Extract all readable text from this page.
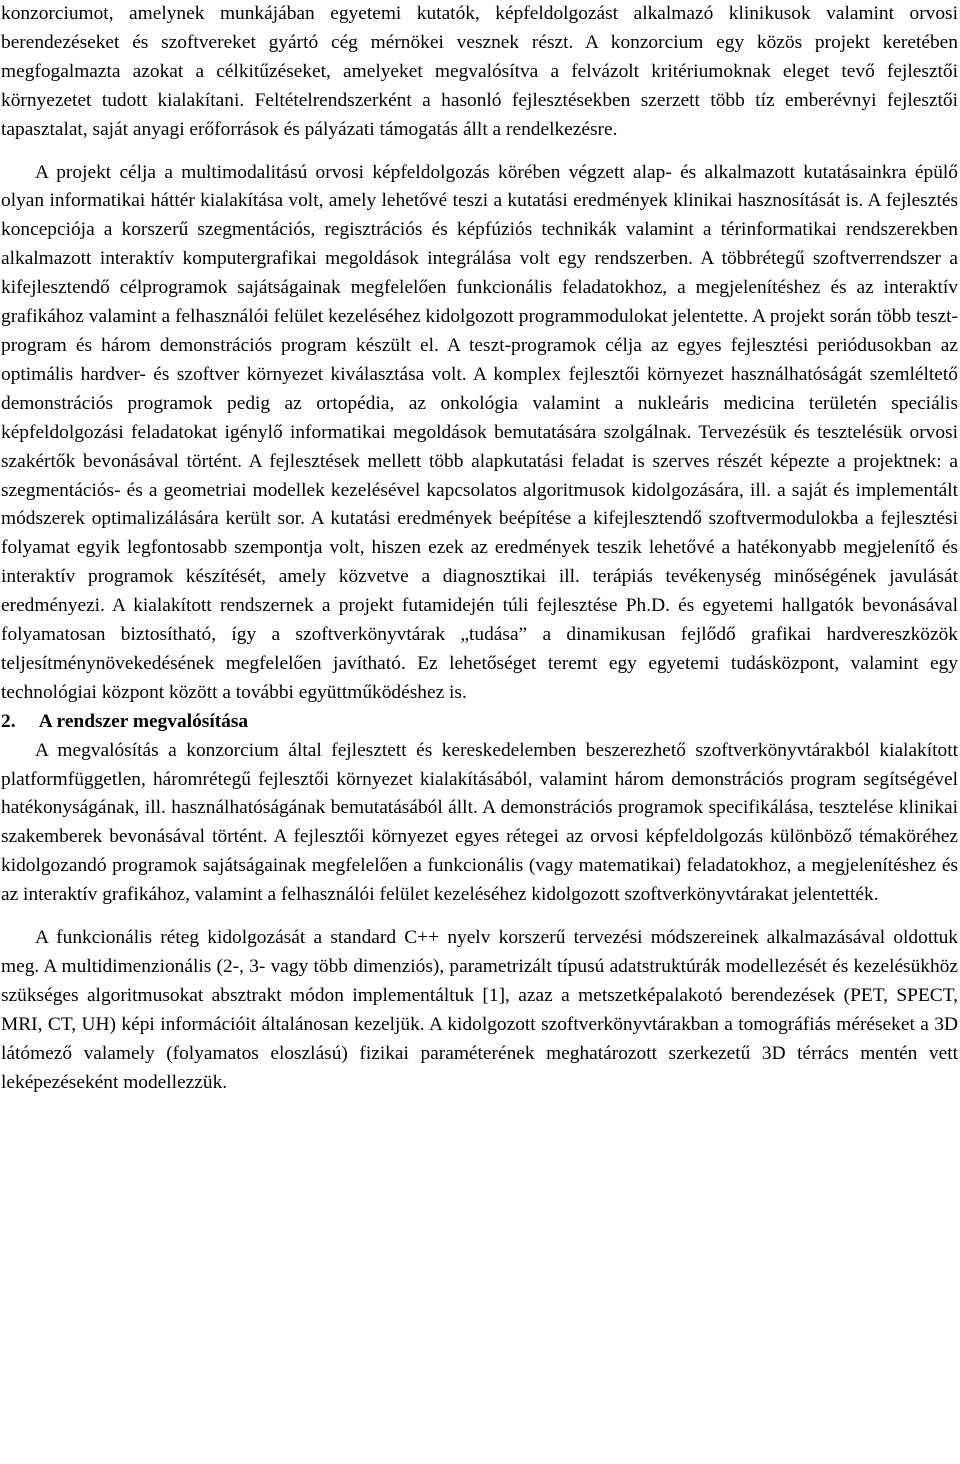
konzorciumot, amelynek munkájában egyetemi kutatók, képfeldolgozást alkalmazó klinikusok valamint orvosi berendezéseket és szoftvereket gyártó cég mérnökei vesznek részt. A konzorcium egy közös projekt keretében megfogalmazta azokat a célkitűzéseket, amelyeket megvalósítva a felvázolt kritériumoknak eleget tevő fejlesztői környezetet tudott kialakítani. Feltételrendszerként a hasonló fejlesztésekben szerzett több tíz emberévnyi fejlesztői tapasztalat, saját anyagi erőforrások és pályázati támogatás állt a rendelkezésre.

A projekt célja a multimodalitású orvosi képfeldolgozás körében végzett alap- és alkalmazott kutatásainkra épülő olyan informatikai háttér kialakítása volt, amely lehetővé teszi a kutatási eredmények klinikai hasznosítását is. A fejlesztés koncepciója a korszerű szegmentációs, regisztrációs és képfúziós technikák valamint a térinformatikai rendszerekben alkalmazott interaktív komputergrafikai megoldások integrálása volt egy rendszerben. A többrétegű szoftverrendszer a kifejlesztendő célprogramok sajátságainak megfelelően funkcionális feladatokhoz, a megjelenítéshez és az interaktív grafikához valamint a felhasználói felület kezeléséhez kidolgozott programmodulokat jelentette. A projekt során több teszt-program és három demonstrációs program készült el. A teszt-programok célja az egyes fejlesztési periódusokban az optimális hardver- és szoftver környezet kiválasztása volt. A komplex fejlesztői környezet használhatóságát szemléltető demonstrációs programok pedig az ortopédia, az onkológia valamint a nukleáris medicina területén speciális képfeldolgozási feladatokat igénylő informatikai megoldások bemutatására szolgálnak. Tervezésük és tesztelésük orvosi szakértők bevonásával történt. A fejlesztések mellett több alapkutatási feladat is szerves részét képezte a projektnek: a szegmentációs- és a geometriai modellek kezelésével kapcsolatos algoritmusok kidolgozására, ill. a saját és implementált módszerek optimalizálására került sor. A kutatási eredmények beépítése a kifejlesztendő szoftvermodulokba a fejlesztési folyamat egyik legfontosabb szempontja volt, hiszen ezek az eredmények teszik lehetővé a hatékonyabb megjelenítő és interaktív programok készítését, amely közvetve a diagnosztikai ill. terápiás tevékenység minőségének javulását eredményezi. A kialakított rendszernek a projekt futamidején túli fejlesztése Ph.D. és egyetemi hallgatók bevonásával folyamatosan biztosítható, így a szoftverkönyvtárak „tudása” a dinamikusan fejlődő grafikai hardvereszközök teljesítménynövekedésének megfelelően javítható. Ez lehetőséget teremt egy egyetemi tudásközpont, valamint egy technológiai központ között a további együttműködéshez is.

2. A rendszer megvalósítása

A megvalósítás a konzorcium által fejlesztett és kereskedelemben beszerezhető szoftverkönyvtárakból kialakított platformfüggetlen, háromrétegű fejlesztői környezet kialakításából, valamint három demonstrációs program segítségével hatékonyságának, ill. használhatóságának bemutatásából állt. A demonstrációs programok specifikálása, tesztelése klinikai szakemberek bevonásával történt. A fejlesztői környezet egyes rétegei az orvosi képfeldolgozás különböző témaköréhez kidolgozandó programok sajátságainak megfelelően a funkcionális (vagy matematikai) feladatokhoz, a megjelenítéshez és az interaktív grafikához, valamint a felhasználói felület kezeléséhez kidolgozott szoftverkönyvtárakat jelentették.

A funkcionális réteg kidolgozását a standard C++ nyelv korszerű tervezési módszereinek alkalmazásával oldottuk meg. A multidimenzionális (2-, 3- vagy több dimenziós), parametrizált típusú adatstruktúrák modellezését és kezelésükhöz szükséges algoritmusokat absztrakt módon implementáltuk [1], azaz a metszetképalakotó berendezések (PET, SPECT, MRI, CT, UH) képi információit általánosan kezeljük. A kidolgozott szoftverkönyvtárakban a tomográfiás méréseket a 3D látómező valamely (folyamatos eloszlású) fizikai paraméterének meghatározott szerkezetű 3D térrács mentén vett leképezéseként modellezzük.
